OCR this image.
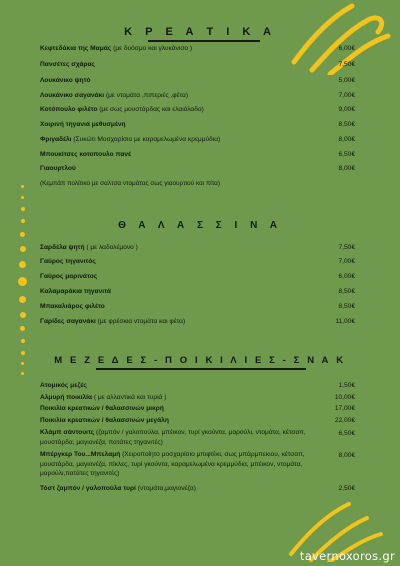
Κ Ρ Ε Α Τ Ι Κ Α
Κεφτεδάκια της Μαμάς (με δυόσμο και γλυκάνισο )	6,00€
Πανσέτες σχάρας	7,50€
Λουκάνικο ψητό	5,00€
Λουκάνικο σαγανάκι (με ντομάτα ,πιπεριές ,φέτα)	7,00€
Κοτόπουλο φιλέτο (με σως μουστάρδας και ελαιόλαδο)	9,00€
Χοιρινή τηγανιά μεθυσμένη	8,50€
Φριγαδέλι (Συκώτι Μοσχαρίσιο με καραμελωμένα κρεμμύδια)	8,00€
Μπουκίτσες κοτοπουλο πανέ	6,50€
Γιαουρτλού	8,00€
(Κεμπάπ πολίτικο με σαλτσα ντομάτας σως γιαουρτιού και πίτα)
Θ Α Λ Α Σ Σ Ι Ν Α
Σαρδέλα ψητή ( με λαδολέμονο )	7,50€
Γαύρος τηγανιτός	7,00€
Γαύρος μαρινάτος	6,00€
Καλαμαράκια τηγανιτά	8,50€
Μπακαλιάρος φιλέτο	8,50€
Γαρίδες σαγανάκι (με φρέσκια ντομάτα και φέτα)	11,00€
Μ Ε Ζ Ε Δ Ε Σ - Π Ο Ι Κ Ι Λ Ι Ε Σ - Σ Ν Α Κ
Ατομικός μεζές	1,50€
Αλμυρή ποικιλία ( με αλλαντικά και τυριά )	10,00€
Ποικιλία κρεατικών / θαλασσινών μικρή	17,00€
Ποικιλία κρεατικών / θαλασσινών μεγάλη	22,00€
Κλάμπ σάντουιτς (ζαμπόν / γαλοπούλα, μπέικον, τυρί γκούντα, μαρούλι, ντομάτα, κέτσαπ, μουστάρδα, μαγιονέζα, πατάτες τηγανιτές)
6,50€
Μπέργκερ Του...Μπελαμή (Χειροποίητο μοσχαρίσιο μπιφτέκι, σως μπάρμπεκιου, κέτσαπ, μουστάρδα, μαγιονέζα, πίκλες, τυρί γκούντα, καραμελωμένα κρεμμύδια, μπέικον, ντομάτα, μαρούλι,πατάτες τηγανιτές)
8,00€
Τόστ ζαμπόν / γαλοπούλα τυρί (ντομάτα,μαγιονέζα)	2,50€
tavernoxoros.gr
